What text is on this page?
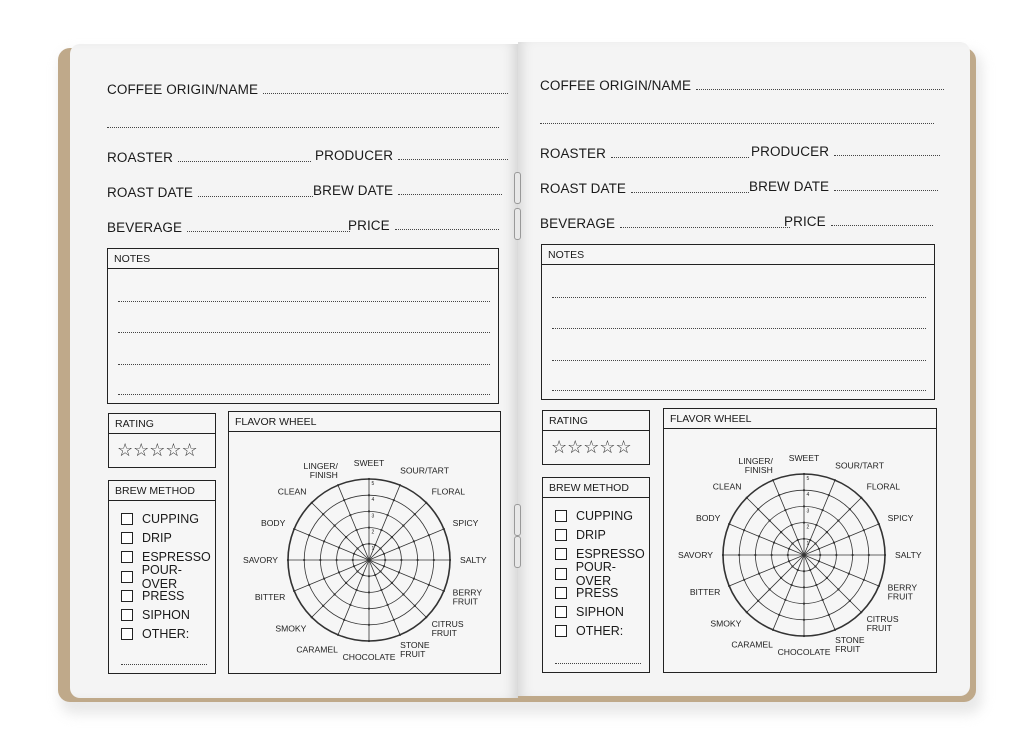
COFFEE ORIGIN/NAME
ROASTER	PRODUCER
ROAST DATE	BREW DATE
BEVERAGE	PRICE
NOTES
RATING
☆☆☆☆☆
BREW METHOD
CUPPING
DRIP
ESPRESSO
POUR-OVER
PRESS
SIPHON
OTHER:
FLAVOR WHEEL
SWEET
SOUR/TART
FLORAL
SPICY
SALTY
BERRY FRUIT
CITRUS FRUIT
STONE FRUIT
CHOCOLATE
CARAMEL
SMOKY
BITTER
SAVORY
BODY
CLEAN
LINGER/ FINISH
1
2
3
4
5
COFFEE ORIGIN/NAME
ROASTER	PRODUCER
ROAST DATE	BREW DATE
BEVERAGE	PRICE
NOTES
RATING
☆☆☆☆☆
BREW METHOD
CUPPING
DRIP
ESPRESSO
POUR-OVER
PRESS
SIPHON
OTHER:
FLAVOR WHEEL
SWEET
SOUR/TART
FLORAL
SPICY
SALTY
BERRY FRUIT
CITRUS FRUIT
STONE FRUIT
CHOCOLATE
CARAMEL
SMOKY
BITTER
SAVORY
BODY
CLEAN
LINGER/ FINISH
1
2
3
4
5
